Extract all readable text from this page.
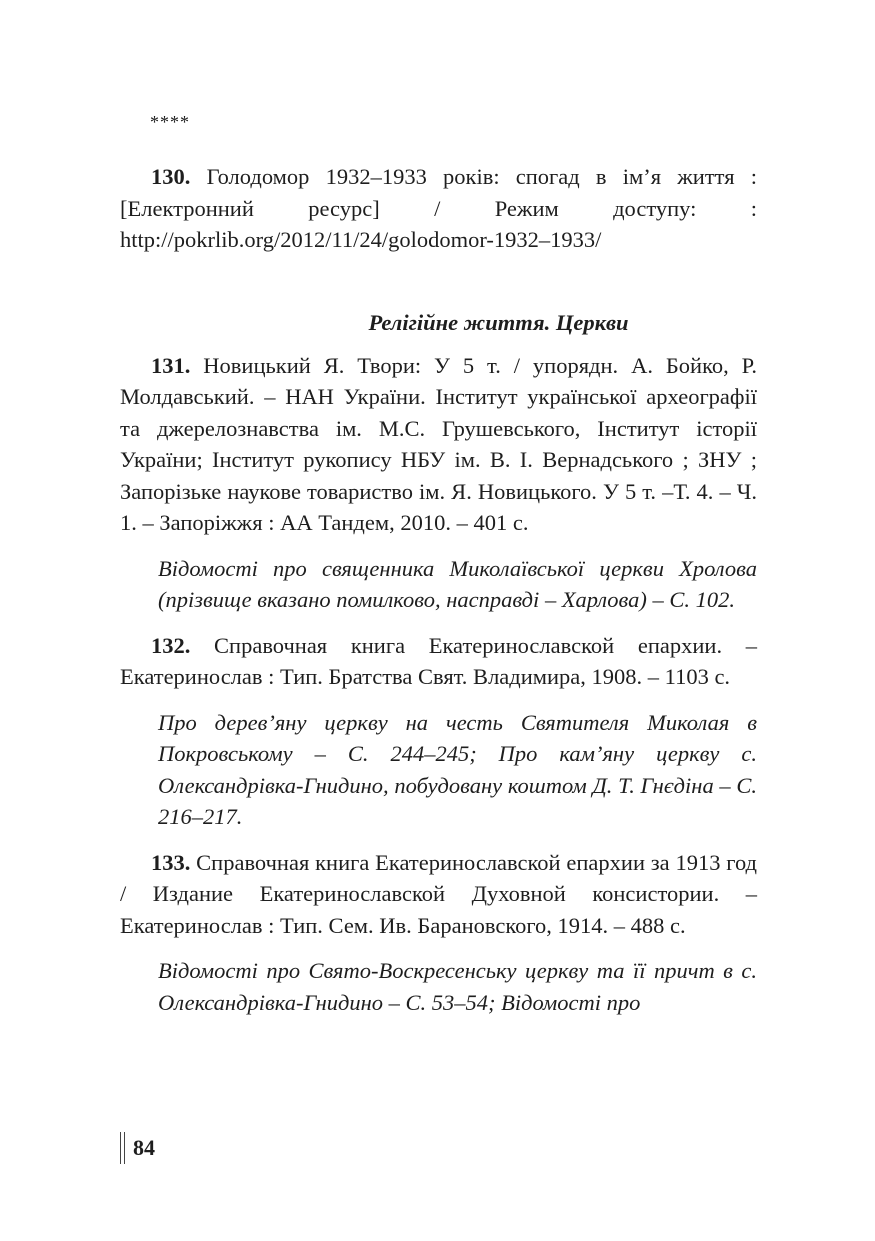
****

130. Голодомор 1932–1933 років: спогад в ім’я життя : [Електронний ресурс] / Режим доступу: : http://pokrlib.org/2012/11/24/golodomor-1932–1933/

Релігійне життя. Церкви

131. Новицький Я. Твори: У 5 т. / упорядн. А. Бойко, Р. Молдавський. – НАН України. Інститут української археографії та джерелознавства ім. М.С. Грушевського, Інститут історії України; Інститут рукопису НБУ ім. В. І. Вернадського ; ЗНУ ; Запорізьке наукове товариство ім. Я. Новицького. У 5 т. –Т. 4. – Ч. 1. – Запоріжжя : АА Тандем, 2010. – 401 с.

Відомості про священника Миколаївської церкви Хролова (прізвище вказано помилково, насправді – Харлова) – С. 102.

132. Справочная книга Екатеринославской епархии. – Екатеринослав : Тип. Братства Свят. Владимира, 1908. – 1103 с.

Про дерев’яну церкву на честь Святителя Миколая в Покровському – С. 244–245; Про кам’яну церкву с. Олександрівка-Гнидино, побудовану коштом Д. Т. Гнєдіна – С. 216–217.

133. Справочная книга Екатеринославской епархии за 1913 год / Издание Екатеринославской Духовной консистории. – Екатеринослав : Тип. Сем. Ив. Барановского, 1914. – 488 с.

Відомості про Свято-Воскресенську церкву та її причт в с. Олександрівка-Гнидино – С. 53–54; Відомості про

84
